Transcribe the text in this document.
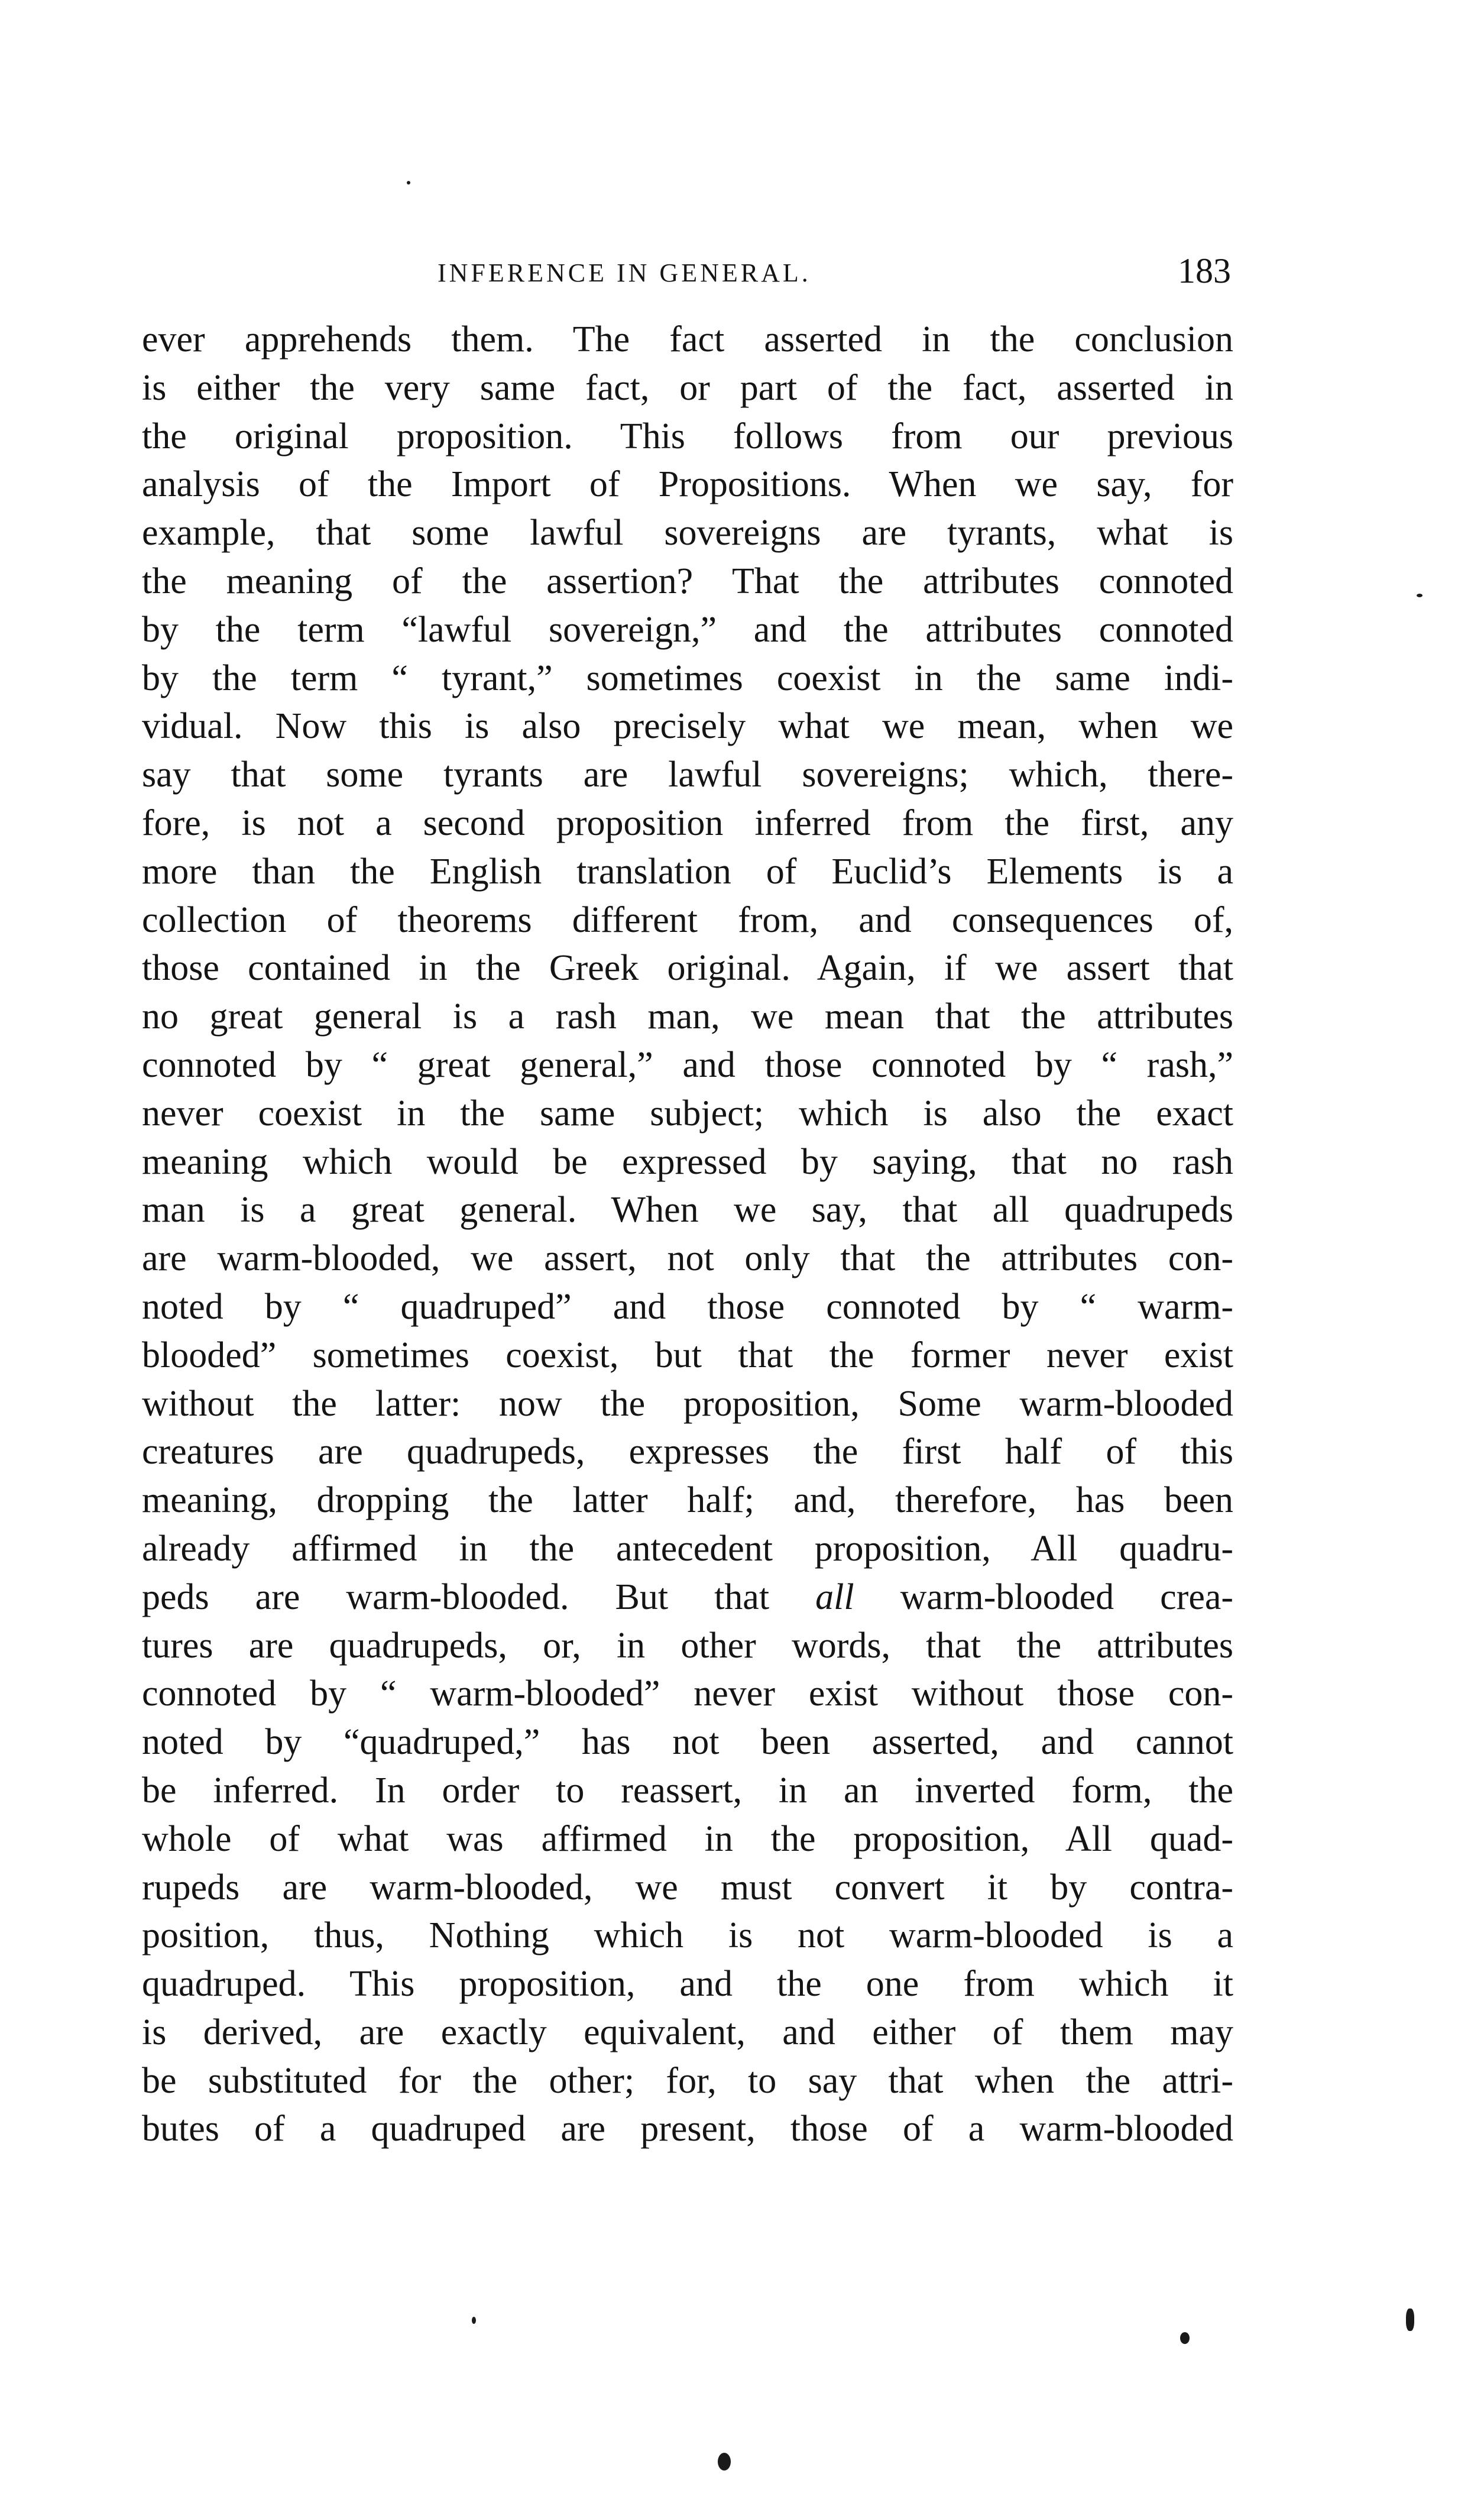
INFERENCE IN GENERAL.	183
ever apprehends them. The fact asserted in the conclusion
is either the very same fact, or part of the fact, asserted in
the original proposition. This follows from our previous
analysis of the Import of Propositions. When we say, for
example, that some lawful sovereigns are tyrants, what is
the meaning of the assertion? That the attributes connoted
by the term “lawful sovereign,” and the attributes connoted
by the term “ tyrant,” sometimes coexist in the same indi-
vidual. Now this is also precisely what we mean, when we
say that some tyrants are lawful sovereigns; which, there-
fore, is not a second proposition inferred from the first, any
more than the English translation of Euclid’s Elements is a
collection of theorems different from, and consequences of,
those contained in the Greek original. Again, if we assert that
no great general is a rash man, we mean that the attributes
connoted by “ great general,” and those connoted by “ rash,”
never coexist in the same subject; which is also the exact
meaning which would be expressed by saying, that no rash
man is a great general. When we say, that all quadrupeds
are warm-blooded, we assert, not only that the attributes con-
noted by “ quadruped” and those connoted by “ warm-
blooded” sometimes coexist, but that the former never exist
without the latter: now the proposition, Some warm-blooded
creatures are quadrupeds, expresses the first half of this
meaning, dropping the latter half; and, therefore, has been
already affirmed in the antecedent proposition, All quadru-
peds are warm-blooded. But that all warm-blooded crea-
tures are quadrupeds, or, in other words, that the attributes
connoted by “ warm-blooded” never exist without those con-
noted by “quadruped,” has not been asserted, and cannot
be inferred. In order to reassert, in an inverted form, the
whole of what was affirmed in the proposition, All quad-
rupeds are warm-blooded, we must convert it by contra-
position, thus, Nothing which is not warm-blooded is a
quadruped. This proposition, and the one from which it
is derived, are exactly equivalent, and either of them may
be substituted for the other; for, to say that when the attri-
butes of a quadruped are present, those of a warm-blooded
